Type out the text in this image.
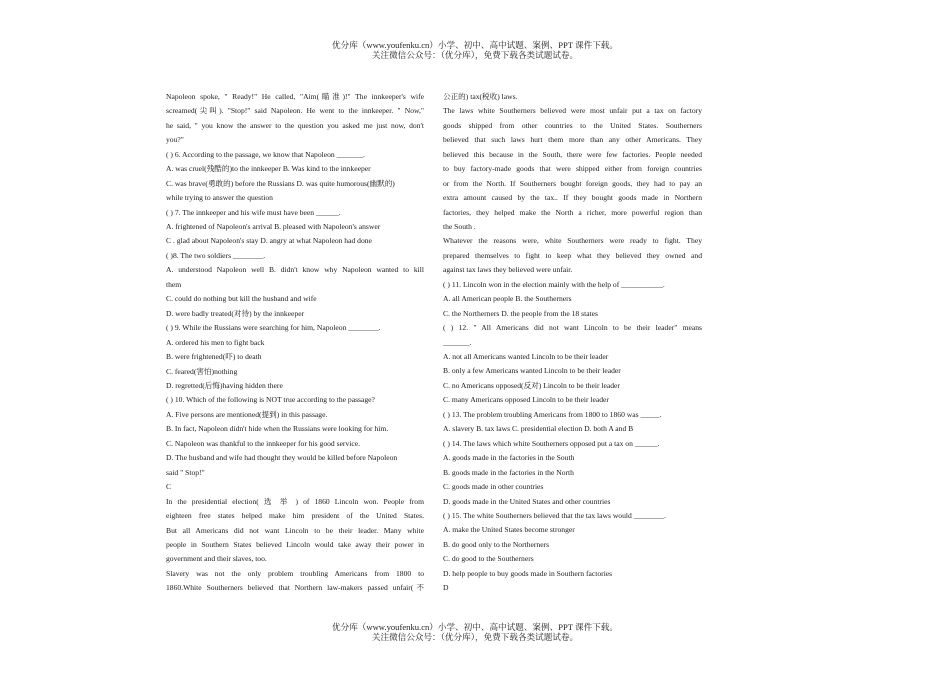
优分库（www.youfenku.cn）小学、初中、高中试题、案例、PPT 课件下载。
关注微信公众号：（优分库），免费下载各类试题试卷。
Napoleon spoke, " Ready!" He called, "Aim(瞄准)!" The innkeeper's wife
screamed(尖叫). "Stop!" said Napoleon. He went to the innkeeper. " Now,"
he said, " you know the answer to the question you asked me just now, don't
you?"
( ) 6. According to the passage, we know that Napoleon _______.
A. was cruel(残酷的)to the innkeeper B. Was kind to the innkeeper
C. was brave(勇敢的) before the Russians D. was quite humorous(幽默的)
while trying to answer the question
( ) 7. The innkeeper and his wife must have been ______.
A. frightened of Napoleon's arrival B. pleased with Napoleon's answer
C . glad about Napoleon's stay D. angry at what Napoleon had done
( )8. The two soldiers ________.
A. understood Napoleon well B. didn't know why Napoleon wanted to kill
them
C. could do nothing but kill the husband and wife
D. were badly treated(对待) by the innkeeper
( ) 9. While the Russians were searching for him, Napoleon ________.
A. ordered his men to fight back
B. were frightened(吓) to death
C. feared(害怕)nothing
D. regretted(后悔)having hidden there
( ) 10. Which of the following is NOT true according to the passage?
A. Five persons are mentioned(提到) in this passage.
B. In fact, Napoleon didn't hide when the Russians were looking for him.
C. Napoleon was thankful to the innkeeper for his good service.
D. The husband and wife had thought they would be killed before Napoleon
said " Stop!"
C
In the presidential election( 选 举 ) of 1860 Lincoln won. People from
eighteen free states helped make him president of the United States.
But all Americans did not want Lincoln to be their leader. Many white
people in Southern States believed Lincoln would take away their power in
government and their slaves, too.
Slavery was not the only problem troubling Americans from 1800 to
1860.White Southerners believed that Northern law-makers passed unfair(不
公正的) tax(税收) laws.
The laws white Southerners believed were most unfair put a tax on factory
goods shipped from other countries to the United States. Southerners
believed that such laws hurt them more than any other Americans. They
believed this because in the South, there were few factories. People needed
to buy factory-made goods that were shipped either from foreign countries
or from the North. If Southerners bought foreign goods, they had to pay an
extra amount caused by the tax.. If they bought goods made in Northern
factories, they helped make the North a richer, more powerful region than
the South .
Whatever the reasons were, white Southerners were ready to fight. They
prepared themselves to fight to keep what they believed they owned and
against tax laws they believed were unfair.
( ) 11. Lincoln won in the election mainly with the help of ___________.
A. all American people B. the Southerners
C. the Northerners D. the people from the 18 states
( ) 12. " All Americans did not want Lincoln to be their leader" means
_______.
A. not all Americans wanted Lincoln to be their leader
B. only a few Americans wanted Lincoln to be their leader
C. no Americans opposed(反对) Lincoln to be their leader
C. many Americans opposed Lincoln to be their leader
( ) 13. The problem troubling Americans from 1800 to 1860 was _____.
A. slavery B. tax laws C. presidential election D. both A and B
( ) 14. The laws which white Southerners opposed put a tax on ______.
A. goods made in the factories in the South
B. goods made in the factories in the North
C. goods made in other countries
D. goods made in the United States and other countries
( ) 15. The white Southerners believed that the tax laws would ________.
A. make the United States become stronger
B. do good only to the Northerners
C. do good to the Southerners
D. help people to buy goods made in Southern factories
D
优分库（www.youfenku.cn）小学、初中、高中试题、案例、PPT 课件下载。
关注微信公众号：（优分库），免费下载各类试题试卷。
